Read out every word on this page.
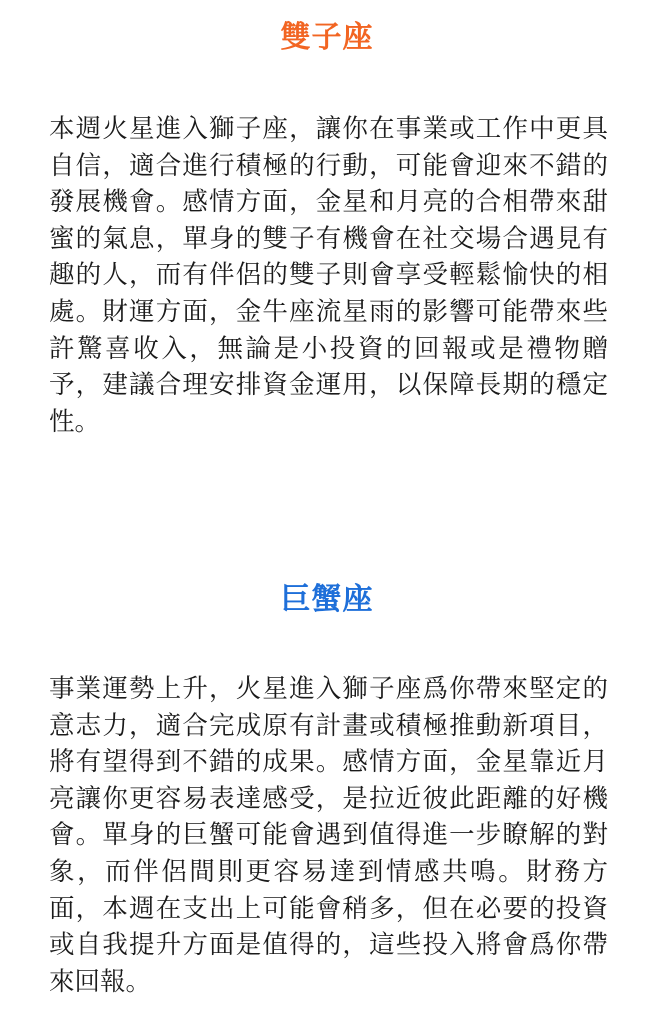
雙子座

本週火星進入獅子座，讓你在事業或工作中更具自信，適合進行積極的行動，可能會迎來不錯的發展機會。感情方面，金星和月亮的合相帶來甜蜜的氣息，單身的雙子有機會在社交場合遇見有趣的人，而有伴侶的雙子則會享受輕鬆愉快的相處。財運方面，金牛座流星雨的影響可能帶來些許驚喜收入，無論是小投資的回報或是禮物贈予，建議合理安排資金運用，以保障長期的穩定性。

巨蟹座

事業運勢上升，火星進入獅子座爲你帶來堅定的意志力，適合完成原有計畫或積極推動新項目，將有望得到不錯的成果。感情方面，金星靠近月亮讓你更容易表達感受，是拉近彼此距離的好機會。單身的巨蟹可能會遇到值得進一步瞭解的對象，而伴侶間則更容易達到情感共鳴。財務方面，本週在支出上可能會稍多，但在必要的投資或自我提升方面是值得的，這些投入將會爲你帶來回報。
